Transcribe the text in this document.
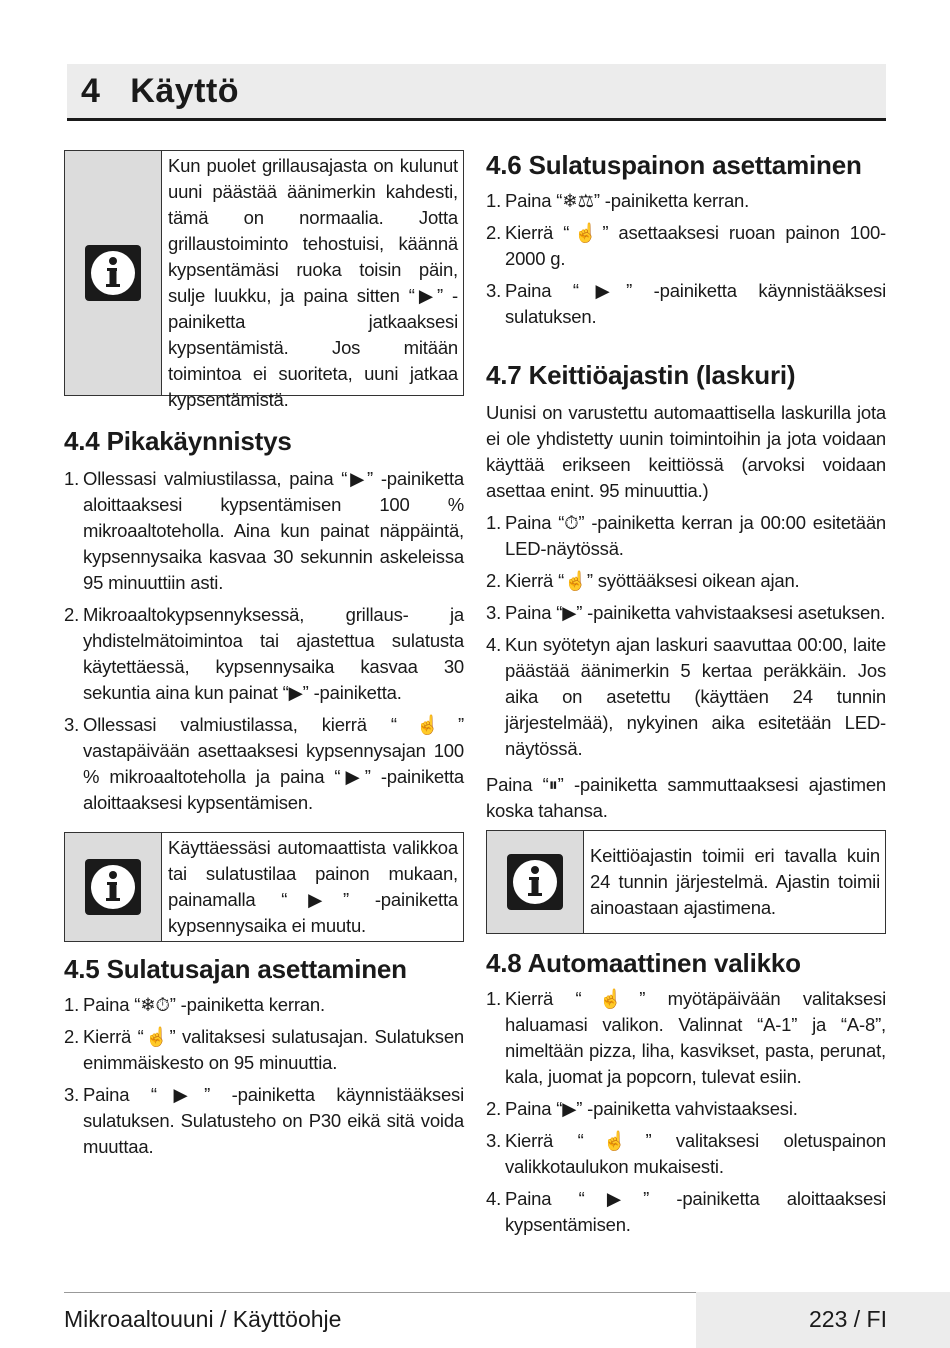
4 Käyttö
Kun puolet grillausajasta on kulunut uuni päästää äänimerkin kahdesti, tämä on normaalia. Jotta grillaustoiminto tehostuisi, käännä kypsentämäsi ruoka toisin päin, sulje luukku, ja paina sitten “▶” -painiketta jatkaaksesi kypsentämistä. Jos mitään toimintoa ei suoriteta, uuni jatkaa kypsentämistä.
4.4 Pikakäynnistys
1. Ollessasi valmiustilassa, paina “▶” -painiketta aloittaaksesi kypsentämisen 100 % mikroaaltoteholla. Aina kun painat näppäintä, kypsennysaika kasvaa 30 sekunnin askeleissa 95 minuuttiin asti.
2. Mikroaaltokypsennyksessä, grillaus- ja yhdistelmätoimintoa tai ajastettua sulatusta käytettäessä, kypsennysaika kasvaa 30 sekuntia aina kun painat “▶” -painiketta.
3. Ollessasi valmiustilassa, kierrä “☝” vastapäivään asettaaksesi kypsennysajan 100 % mikroaaltoteholla ja paina “▶” -painiketta aloittaaksesi kypsentämisen.
Käyttäessäsi automaattista valikkoa tai sulatustilaa painon mukaan, painamalla “▶” -painiketta kypsennysaika ei muutu.
4.5 Sulatusajan asettaminen
1. Paina “❄⏱” -painiketta kerran.
2. Kierrä “☝” valitaksesi sulatusajan. Sulatuksen enimmäiskesto on 95 minuuttia.
3. Paina “▶” -painiketta käynnistääksesi sulatuksen. Sulatusteho on P30 eikä sitä voida muuttaa.
4.6 Sulatuspainon asettaminen
1. Paina “❄⚖” -painiketta kerran.
2. Kierrä “☝” asettaaksesi ruoan painon 100-2000 g.
3. Paina “▶” -painiketta käynnistääksesi sulatuksen.
4.7 Keittiöajastin (laskuri)

Uunisi on varustettu automaattisella laskurilla jota ei ole yhdistetty uunin toimintoihin ja jota voidaan käyttää erikseen keittiössä (arvoksi voidaan asettaa enint. 95 minuuttia.)

1. Paina “⏱” -painiketta kerran ja 00:00 esitetään LED-näytössä.
2. Kierrä “☝” syöttääksesi oikean ajan.
3. Paina “▶” -painiketta vahvistaaksesi asetuksen.
4. Kun syötetyn ajan laskuri saavuttaa 00:00, laite päästää äänimerkin 5 kertaa peräkkäin. Jos aika on asetettu (käyttäen 24 tunnin järjestelmää), nykyinen aika esitetään LED-näytössä.

Paina “⏸” -painiketta sammuttaaksesi ajastimen koska tahansa.

Keittiöajastin toimii eri tavalla kuin 24 tunnin järjestelmä. Ajastin toimii ainoastaan ajastimena.
4.8 Automaattinen valikko
1. Kierrä “☝” myötäpäivään valitaksesi haluamasi valikon. Valinnat “A-1” ja “A-8”, nimeltään pizza, liha, kasvikset, pasta, perunat, kala, juomat ja popcorn, tulevat esiin.
2. Paina “▶” -painiketta vahvistaaksesi.
3. Kierrä “☝” valitaksesi oletuspainon valikkotaulukon mukaisesti.
4. Paina “▶” -painiketta aloittaaksesi kypsentämisen.
Mikroaaltouuni / Käyttöohje	223 / FI
